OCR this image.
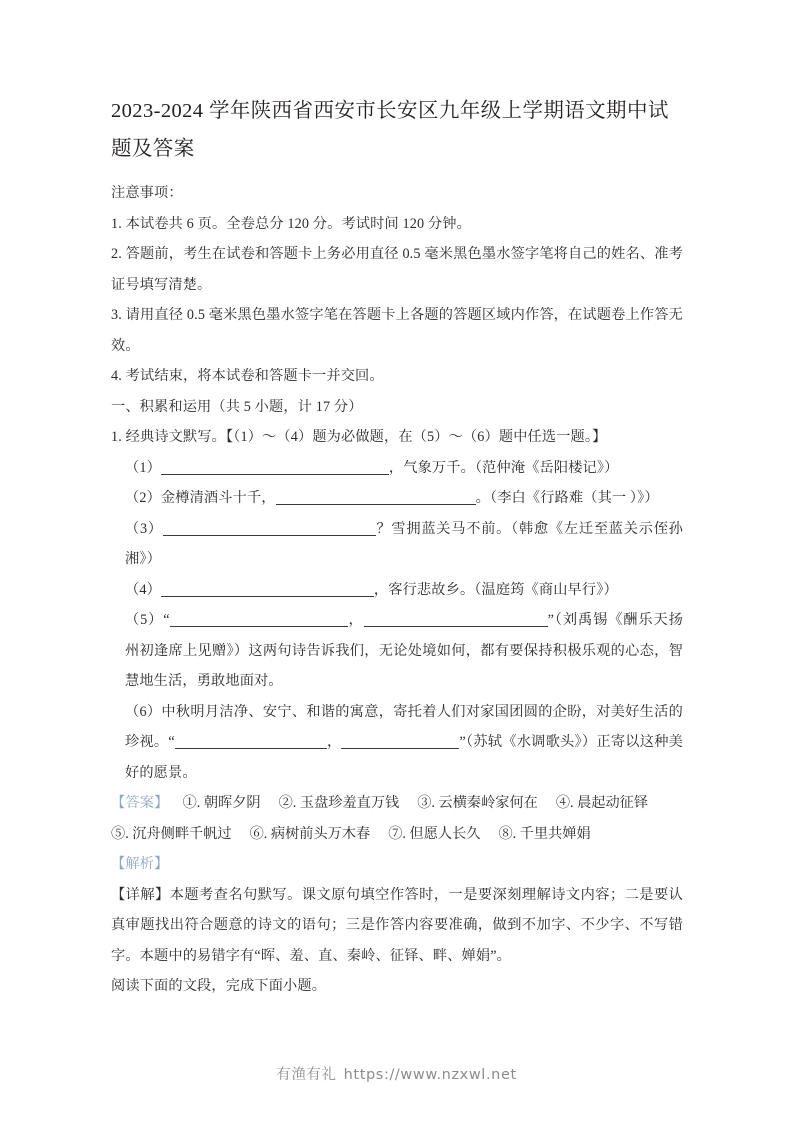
2023-2024 学年陕西省西安市长安区九年级上学期语文期中试题及答案

注意事项：

1. 本试卷共 6 页。全卷总分 120 分。考试时间 120 分钟。

2. 答题前，考生在试卷和答题卡上务必用直径 0.5 毫米黑色墨水签字笔将自己的姓名、准考证号填写清楚。

3. 请用直径 0.5 毫米黑色墨水签字笔在答题卡上各题的答题区域内作答，在试题卷上作答无效。

4. 考试结束，将本试卷和答题卡一并交回。

一、积累和运用（共 5 小题，计 17 分）

1. 经典诗文默写。【（1）～（4）题为必做题，在（5）～（6）题中任选一题。】

（1）	，气象万千。（范仲淹《岳阳楼记》）

（2）金樽清酒斗十千，	。（李白《行路难（其一 ）》）

（3）	？雪拥蓝关马不前。（韩愈《左迁至蓝关示侄孙湘》）

（4）	，客行悲故乡。（温庭筠《商山早行》）

（5）“	，	”（刘禹锡《酬乐天扬州初逢席上见赠》）这两句诗告诉我们，无论处境如何，都有要保持积极乐观的心态，智慧地生活，勇敢地面对。

（6）中秋明月洁净、安宁、和谐的寓意，寄托着人们对家国团圆的企盼，对美好生活的珍视。“	，	”（苏轼《水调歌头》）正寄以这种美好的愿景。

【答案】 ①. 朝晖夕阴 ②. 玉盘珍羞直万钱 ③. 云横秦岭家何在 ④. 晨起动征铎⑤. 沉舟侧畔千帆过 ⑥. 病树前头万木春 ⑦. 但愿人长久 ⑧. 千里共婵娟

【解析】

【详解】本题考查名句默写。课文原句填空作答时，一是要深刻理解诗文内容；二是要认真审题找出符合题意的诗文的语句；三是作答内容要准确，做到不加字、不少字、不写错字。本题中的易错字有“晖、羞、直、秦岭、征铎、畔、婵娟”。

阅读下面的文段，完成下面小题。

有渔有礼 https://www.nzxwl.net
